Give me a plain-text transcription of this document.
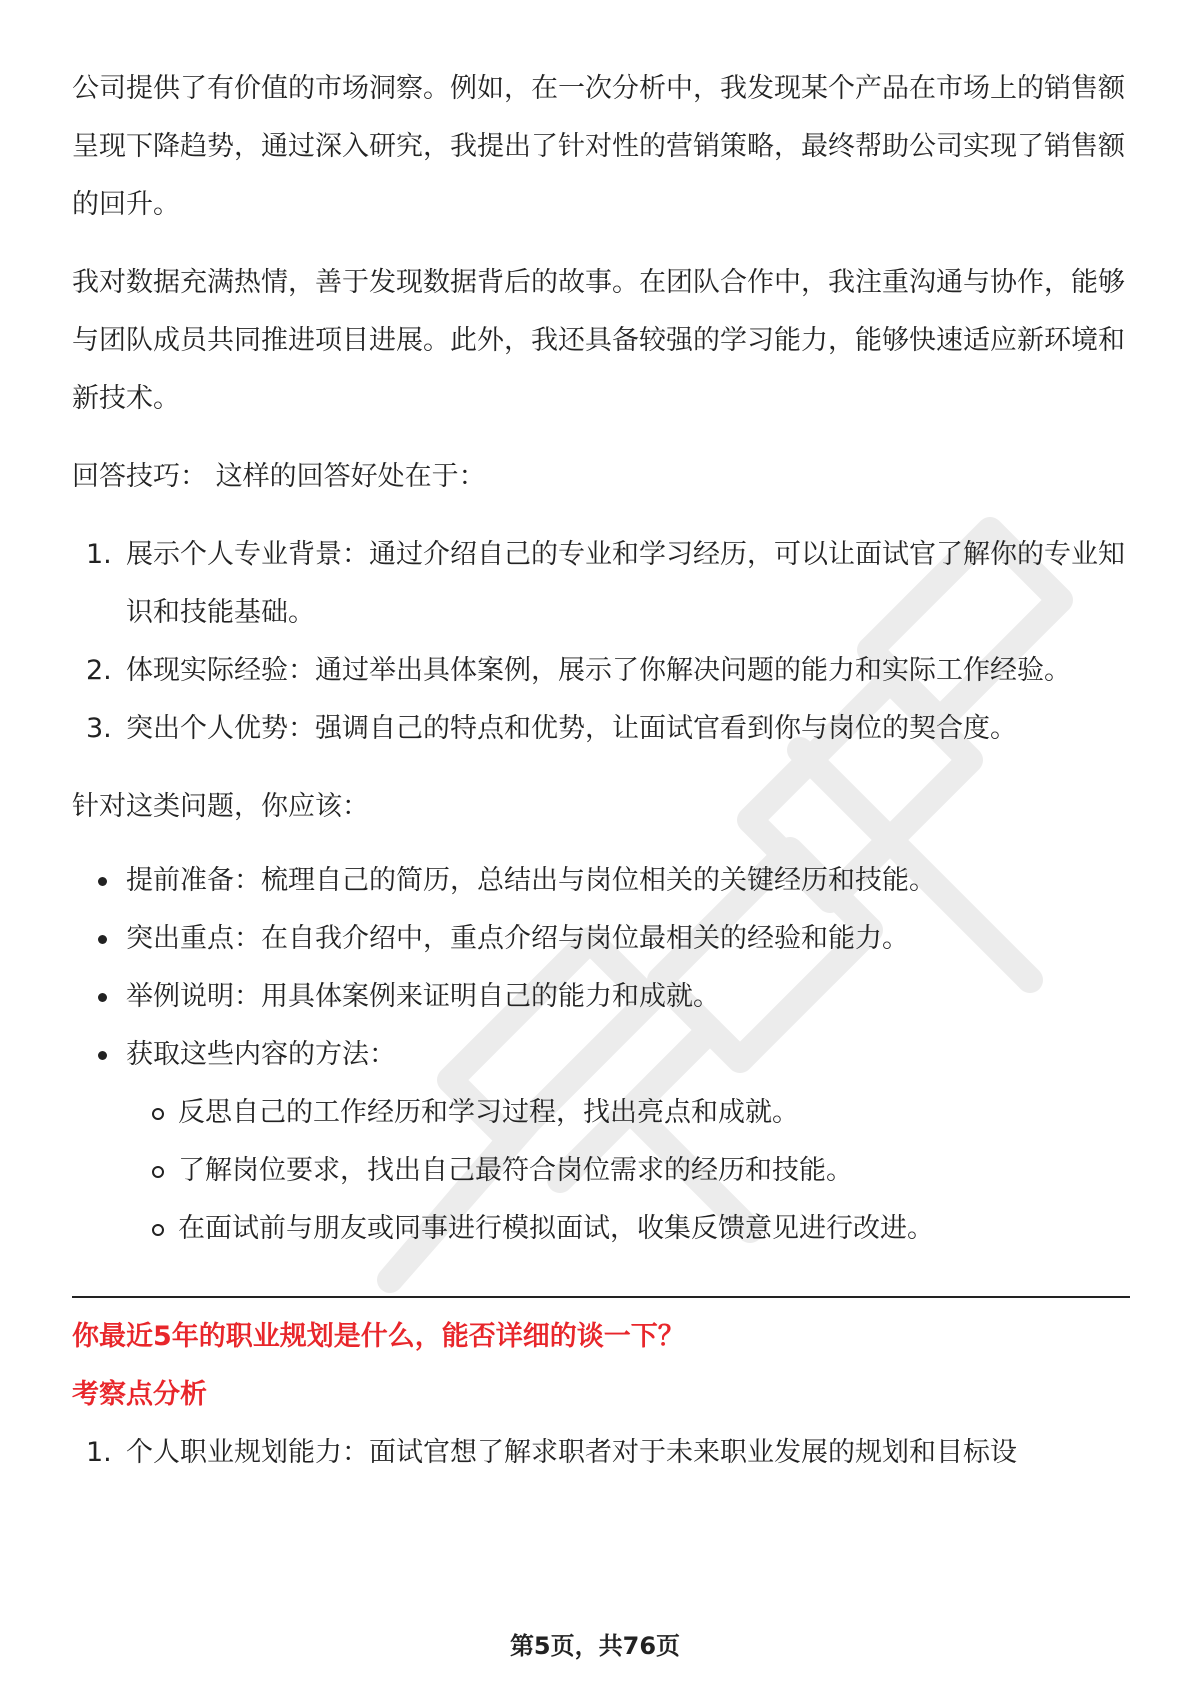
公司提供了有价值的市场洞察。例如，在一次分析中，我发现某个产品在市场上的销售额呈现下降趋势，通过深入研究，我提出了针对性的营销策略，最终帮助公司实现了销售额的回升。

我对数据充满热情，善于发现数据背后的故事。在团队合作中，我注重沟通与协作，能够与团队成员共同推进项目进展。此外，我还具备较强的学习能力，能够快速适应新环境和新技术。

回答技巧： 这样的回答好处在于：

1. 展示个人专业背景：通过介绍自己的专业和学习经历，可以让面试官了解你的专业知识和技能基础。
2. 体现实际经验：通过举出具体案例，展示了你解决问题的能力和实际工作经验。
3. 突出个人优势：强调自己的特点和优势，让面试官看到你与岗位的契合度。

针对这类问题，你应该：

提前准备：梳理自己的简历，总结出与岗位相关的关键经历和技能。
突出重点：在自我介绍中，重点介绍与岗位最相关的经验和能力。
举例说明：用具体案例来证明自己的能力和成就。
获取这些内容的方法：
反思自己的工作经历和学习过程，找出亮点和成就。
了解岗位要求，找出自己最符合岗位需求的经历和技能。
在面试前与朋友或同事进行模拟面试，收集反馈意见进行改进。

你最近5年的职业规划是什么，能否详细的谈一下？

考察点分析

1. 个人职业规划能力：面试官想了解求职者对于未来职业发展的规划和目标设
第5页，共76页
